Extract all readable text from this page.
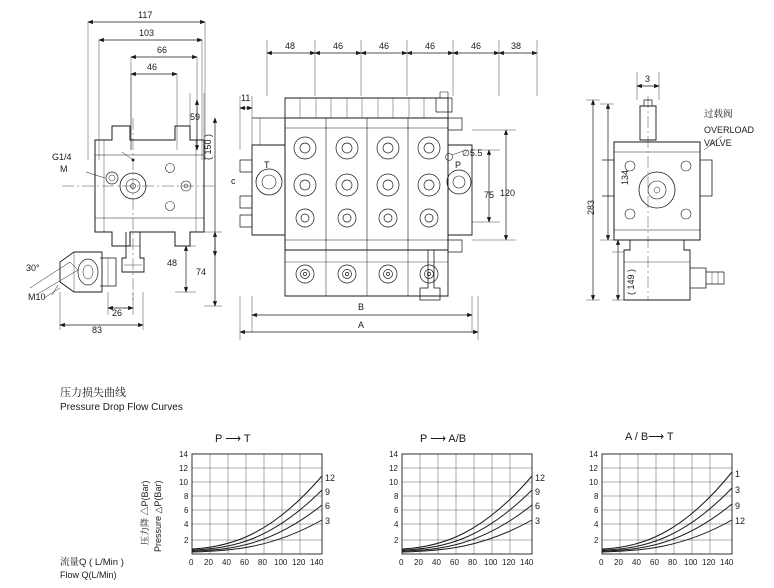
117
103
66
46
59
( 150 )
48
74
26
83
G1/4
M
M10
30°
48	46	46	46	46	38
11
c
T	P
∅5.5
75 120
B
A
3
134
283
( 149 )
过载阀
OVERLOAD
VALVE
压力损失曲线
Pressure Drop Flow Curves
P ⟶ T	P ⟶ A/B	A / B⟶ T
压力降 △P(Bar) Pressure △P(Bar)
流量Q ( L/Min )
Flow Q(L/Min)
14
12
10
8
6
4
2
14
12
10
8
6
4
2
14
12
10
8
6
4
2
0 20 40 60 80 100 120 140	0 20 40 60 80 100 120 140	0 20 40 60 80 100 120 140
12
9
6
3
12
9
6
3
1
3
9
12
